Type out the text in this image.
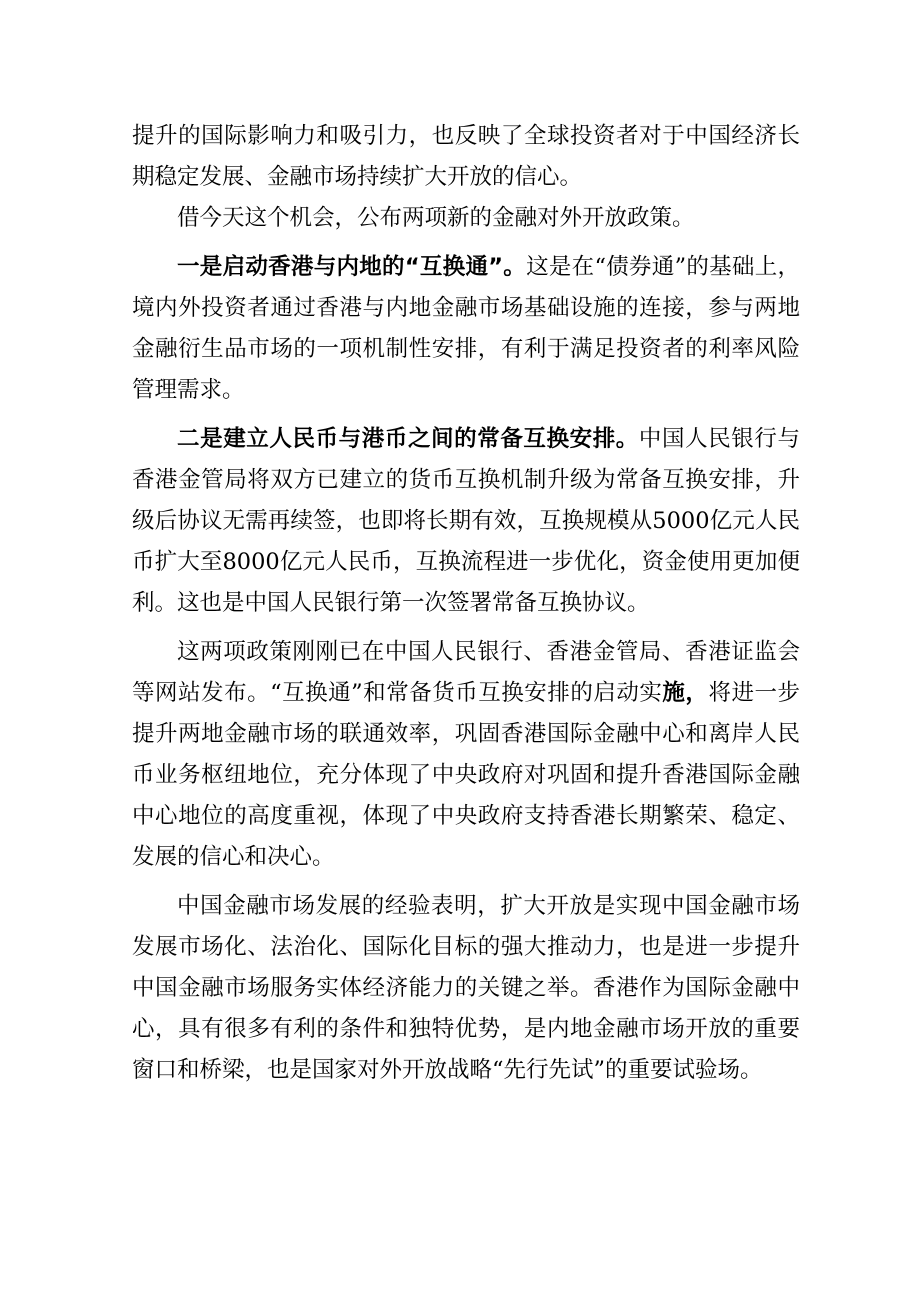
提升的国际影响力和吸引力，也反映了全球投资者对于中国经济长期稳定发展、金融市场持续扩大开放的信心。

借今天这个机会，公布两项新的金融对外开放政策。

一是启动香港与内地的“互换通”。这是在“债券通”的基础上，境内外投资者通过香港与内地金融市场基础设施的连接，参与两地金融衍生品市场的一项机制性安排，有利于满足投资者的利率风险管理需求。

二是建立人民币与港币之间的常备互换安排。中国人民银行与香港金管局将双方已建立的货币互换机制升级为常备互换安排，升级后协议无需再续签，也即将长期有效，互换规模从5000亿元人民币扩大至8000亿元人民币，互换流程进一步优化，资金使用更加便利。这也是中国人民银行第一次签署常备互换协议。

这两项政策刚刚已在中国人民银行、香港金管局、香港证监会等网站发布。“互换通”和常备货币互换安排的启动实施，将进一步提升两地金融市场的联通效率，巩固香港国际金融中心和离岸人民币业务枢纽地位，充分体现了中央政府对巩固和提升香港国际金融中心地位的高度重视，体现了中央政府支持香港长期繁荣、稳定、发展的信心和决心。

中国金融市场发展的经验表明，扩大开放是实现中国金融市场发展市场化、法治化、国际化目标的强大推动力，也是进一步提升中国金融市场服务实体经济能力的关键之举。香港作为国际金融中心，具有很多有利的条件和独特优势，是内地金融市场开放的重要窗口和桥梁，也是国家对外开放战略“先行先试”的重要试验场。
